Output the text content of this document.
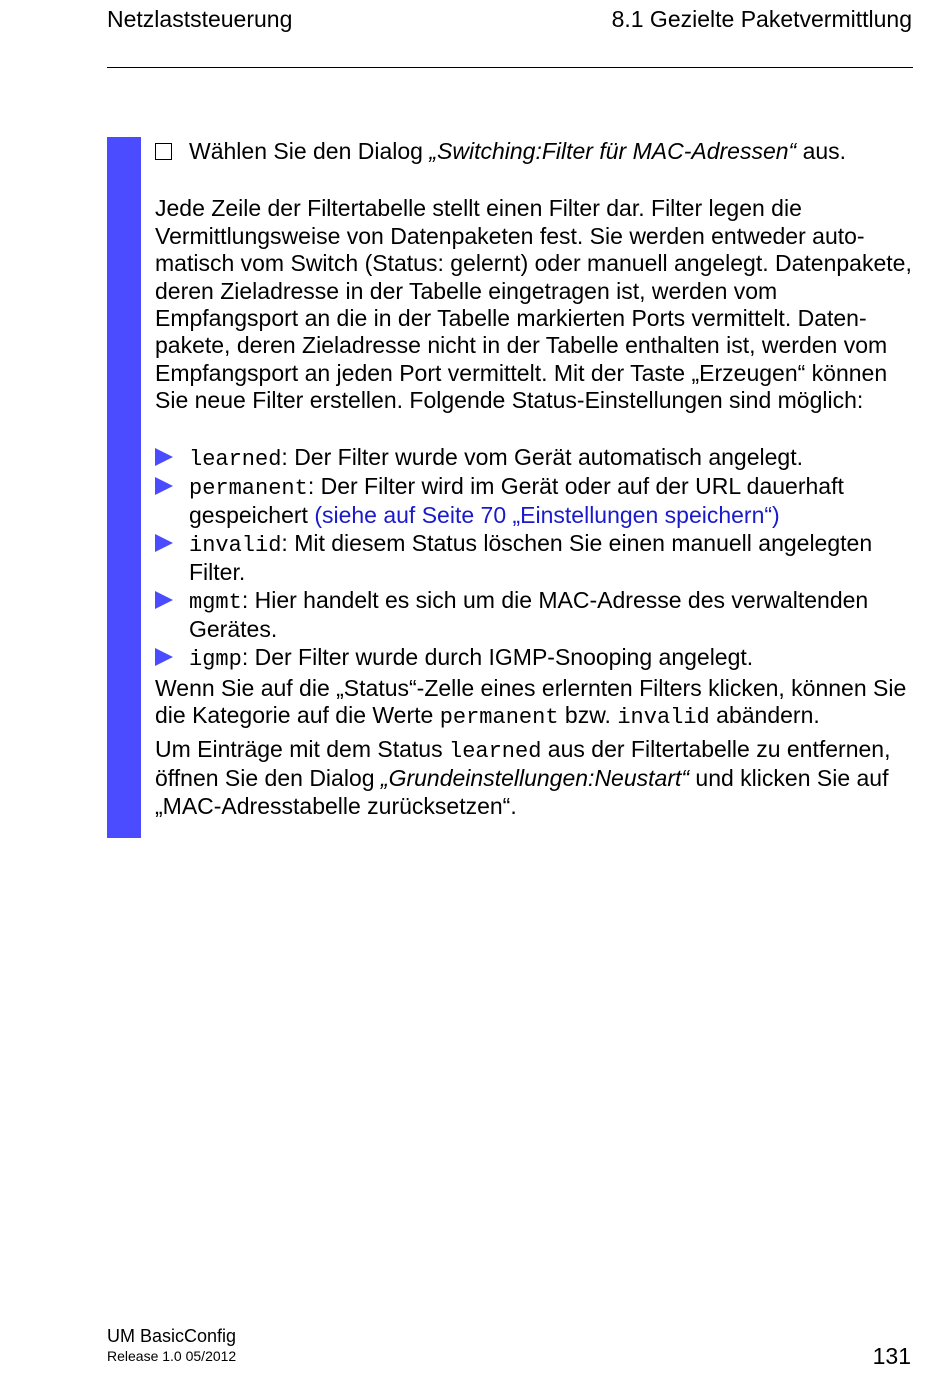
Netzlaststeuerung	8.1 Gezielte Paketvermittlung
Wählen Sie den Dialog „Switching:Filter für MAC-Adressen“ aus.
Jede Zeile der Filtertabelle stellt einen Filter dar. Filter legen die Vermittlungsweise von Datenpaketen fest. Sie werden entweder automatisch vom Switch (Status: gelernt) oder manuell angelegt. Datenpakete, deren Zieladresse in der Tabelle eingetragen ist, werden vom Empfangsport an die in der Tabelle markierten Ports vermittelt. Datenpakete, deren Zieladresse nicht in der Tabelle enthalten ist, werden vom Empfangsport an jeden Port vermittelt. Mit der Taste „Erzeugen“ können Sie neue Filter erstellen. Folgende Status-Einstellungen sind möglich:
learned: Der Filter wurde vom Gerät automatisch angelegt.
permanent: Der Filter wird im Gerät oder auf der URL dauerhaft gespeichert (siehe auf Seite 70 „Einstellungen speichern“)
invalid: Mit diesem Status löschen Sie einen manuell angelegten Filter.
mgmt: Hier handelt es sich um die MAC-Adresse des verwaltenden Gerätes.
igmp: Der Filter wurde durch IGMP-Snooping angelegt.
Wenn Sie auf die „Status“-Zelle eines erlernten Filters klicken, können Sie die Kategorie auf die Werte permanent bzw. invalid abändern.
Um Einträge mit dem Status learned aus der Filtertabelle zu entfernen, öffnen Sie den Dialog „Grundeinstellungen:Neustart“ und klicken Sie auf „MAC-Adresstabelle zurücksetzen“.
UM BasicConfig
Release 1.0 05/2012	131
